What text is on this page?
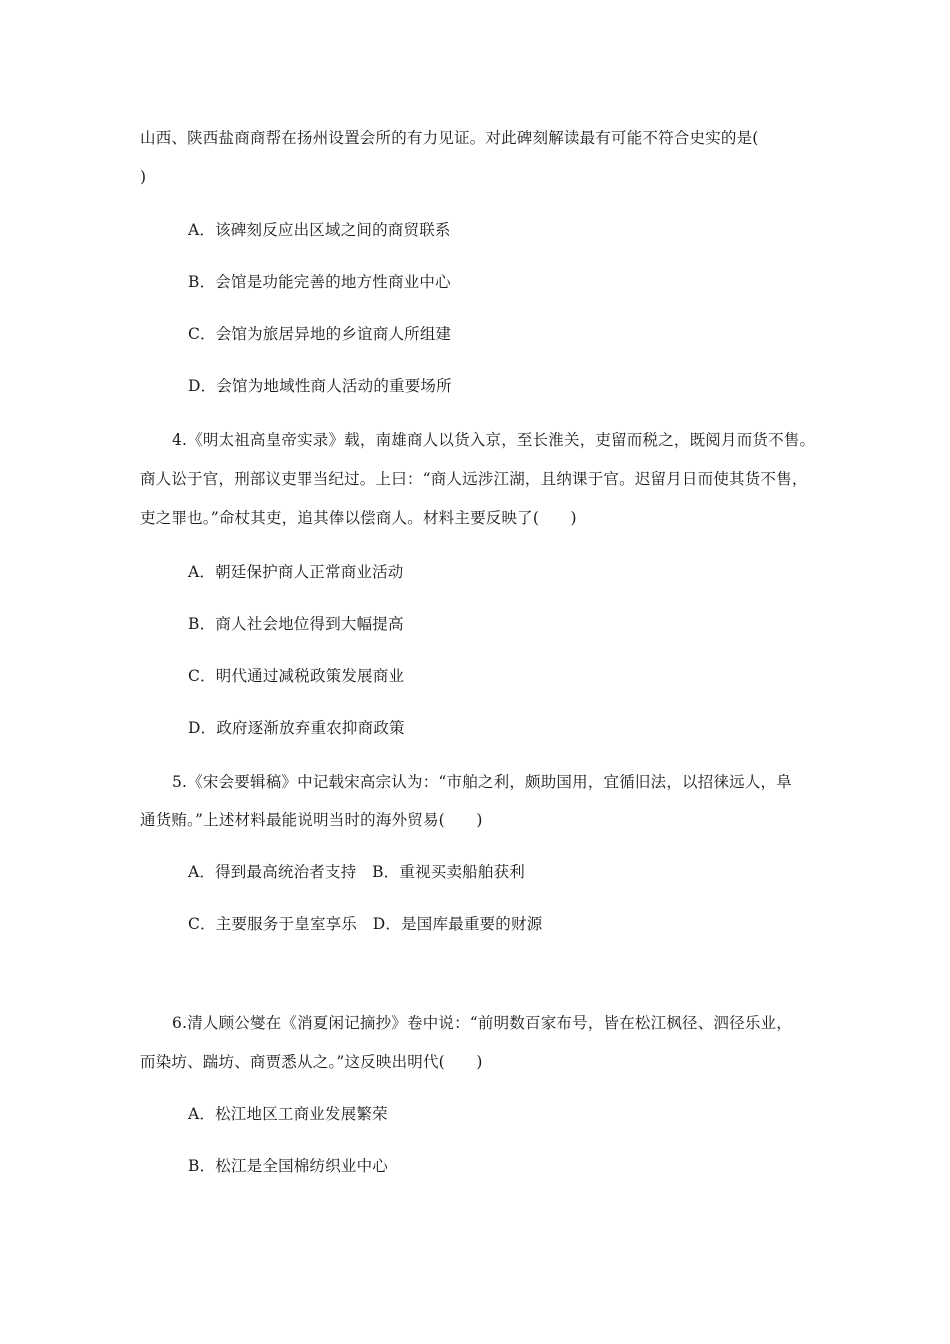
山西、陕西盐商商帮在扬州设置会所的有力见证。对此碑刻解读最有可能不符合史实的是(
)
A．该碑刻反应出区域之间的商贸联系
B．会馆是功能完善的地方性商业中心
C．会馆为旅居异地的乡谊商人所组建
D．会馆为地域性商人活动的重要场所
4.《明太祖高皇帝实录》载，南雄商人以货入京，至长淮关，吏留而税之，既阅月而货不售。
商人讼于官，刑部议吏罪当纪过。上曰：“商人远涉江湖，且纳课于官。迟留月日而使其货不售，
吏之罪也。”命杖其吏，追其俸以偿商人。材料主要反映了(　　)
A．朝廷保护商人正常商业活动
B．商人社会地位得到大幅提高
C．明代通过减税政策发展商业
D．政府逐渐放弃重农抑商政策
5.《宋会要辑稿》中记载宋高宗认为：“市舶之利，颇助国用，宜循旧法，以招徕远人，阜
通货贿。”上述材料最能说明当时的海外贸易(　　)
A．得到最高统治者支持　B．重视买卖船舶获利
C．主要服务于皇室享乐　D．是国库最重要的财源
6.清人顾公燮在《消夏闲记摘抄》卷中说：“前明数百家布号，皆在松江枫径、泗径乐业，
而染坊、踹坊、商贾悉从之。”这反映出明代(　　)
A．松江地区工商业发展繁荣
B．松江是全国棉纺织业中心
